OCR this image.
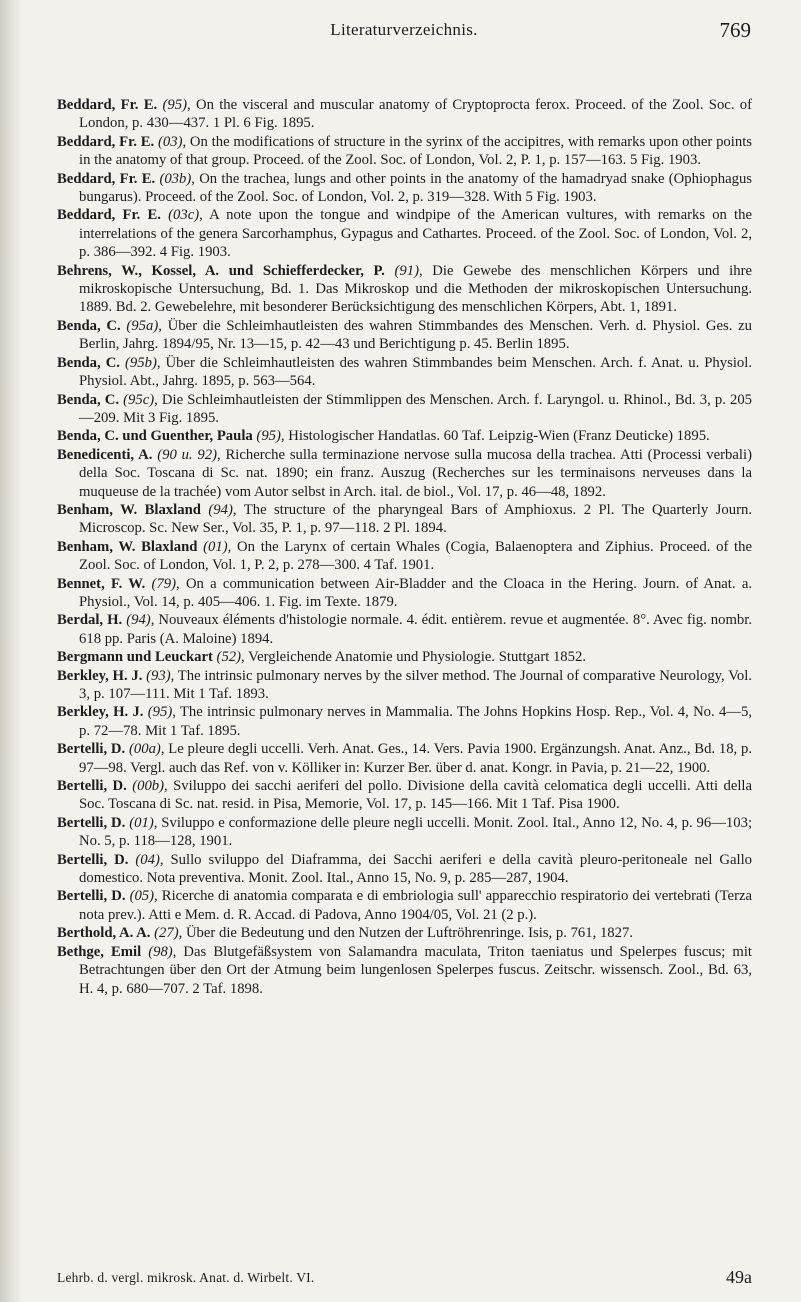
Literaturverzeichnis.	769

Beddard, Fr. E. (95), On the visceral and muscular anatomy of Cryptoprocta ferox. Proceed. of the Zool. Soc. of London, p. 430—437. 1 Pl. 6 Fig. 1895.

Beddard, Fr. E. (03), On the modifications of structure in the syrinx of the accipitres, with remarks upon other points in the anatomy of that group. Proceed. of the Zool. Soc. of London, Vol. 2, P. 1, p. 157—163. 5 Fig. 1903.

Beddard, Fr. E. (03b), On the trachea, lungs and other points in the anatomy of the hamadryad snake (Ophiophagus bungarus). Proceed. of the Zool. Soc. of London, Vol. 2, p. 319—328. With 5 Fig. 1903.

Beddard, Fr. E. (03c), A note upon the tongue and windpipe of the American vultures, with remarks on the interrelations of the genera Sarcorhamphus, Gypagus and Cathartes. Proceed. of the Zool. Soc. of London, Vol. 2, p. 386—392. 4 Fig. 1903.

Behrens, W., Kossel, A. und Schiefferdecker, P. (91), Die Gewebe des menschlichen Körpers und ihre mikroskopische Untersuchung, Bd. 1. Das Mikroskop und die Methoden der mikroskopischen Untersuchung. 1889. Bd. 2. Gewebelehre, mit besonderer Berücksichtigung des menschlichen Körpers, Abt. 1, 1891.

Benda, C. (95a), Über die Schleimhautleisten des wahren Stimmbandes des Menschen. Verh. d. Physiol. Ges. zu Berlin, Jahrg. 1894/95, Nr. 13—15, p. 42—43 und Berichtigung p. 45. Berlin 1895.

Benda, C. (95b), Über die Schleimhautleisten des wahren Stimmbandes beim Menschen. Arch. f. Anat. u. Physiol. Physiol. Abt., Jahrg. 1895, p. 563—564.

Benda, C. (95c), Die Schleimhautleisten der Stimmlippen des Menschen. Arch. f. Laryngol. u. Rhinol., Bd. 3, p. 205—209. Mit 3 Fig. 1895.

Benda, C. und Guenther, Paula (95), Histologischer Handatlas. 60 Taf. Leipzig-Wien (Franz Deuticke) 1895.

Benedicenti, A. (90 u. 92), Richerche sulla terminazione nervose sulla mucosa della trachea. Atti (Processi verbali) della Soc. Toscana di Sc. nat. 1890; ein franz. Auszug (Recherches sur les terminaisons nerveuses dans la muqueuse de la trachée) vom Autor selbst in Arch. ital. de biol., Vol. 17, p. 46—48, 1892.

Benham, W. Blaxland (94), The structure of the pharyngeal Bars of Amphioxus. 2 Pl. The Quarterly Journ. Microscop. Sc. New Ser., Vol. 35, P. 1, p. 97—118. 2 Pl. 1894.

Benham, W. Blaxland (01), On the Larynx of certain Whales (Cogia, Balaenoptera and Ziphius. Proceed. of the Zool. Soc. of London, Vol. 1, P. 2, p. 278—300. 4 Taf. 1901.

Bennet, F. W. (79), On a communication between Air-Bladder and the Cloaca in the Hering. Journ. of Anat. a. Physiol., Vol. 14, p. 405—406. 1. Fig. im Texte. 1879.

Berdal, H. (94), Nouveaux éléments d'histologie normale. 4. édit. entièrem. revue et augmentée. 8°. Avec fig. nombr. 618 pp. Paris (A. Maloine) 1894.

Bergmann und Leuckart (52), Vergleichende Anatomie und Physiologie. Stuttgart 1852.

Berkley, H. J. (93), The intrinsic pulmonary nerves by the silver method. The Journal of comparative Neurology, Vol. 3, p. 107—111. Mit 1 Taf. 1893.

Berkley, H. J. (95), The intrinsic pulmonary nerves in Mammalia. The Johns Hopkins Hosp. Rep., Vol. 4, No. 4—5, p. 72—78. Mit 1 Taf. 1895.

Bertelli, D. (00a), Le pleure degli uccelli. Verh. Anat. Ges., 14. Vers. Pavia 1900. Ergänzungsh. Anat. Anz., Bd. 18, p. 97—98. Vergl. auch das Ref. von v. Kölliker in: Kurzer Ber. über d. anat. Kongr. in Pavia, p. 21—22, 1900.

Bertelli, D. (00b), Sviluppo dei sacchi aeriferi del pollo. Divisione della cavità celomatica degli uccelli. Atti della Soc. Toscana di Sc. nat. resid. in Pisa, Memorie, Vol. 17, p. 145—166. Mit 1 Taf. Pisa 1900.

Bertelli, D. (01), Sviluppo e conformazione delle pleure negli uccelli. Monit. Zool. Ital., Anno 12, No. 4, p. 96—103; No. 5, p. 118—128, 1901.

Bertelli, D. (04), Sullo sviluppo del Diaframma, dei Sacchi aeriferi e della cavità pleuro-peritoneale nel Gallo domestico. Nota preventiva. Monit. Zool. Ital., Anno 15, No. 9, p. 285—287, 1904.

Bertelli, D. (05), Ricerche di anatomia comparata e di embriologia sull' apparecchio respiratorio dei vertebrati (Terza nota prev.). Atti e Mem. d. R. Accad. di Padova, Anno 1904/05, Vol. 21 (2 p.).

Berthold, A. A. (27), Über die Bedeutung und den Nutzen der Luftröhrenringe. Isis, p. 761, 1827.

Bethge, Emil (98), Das Blutgefäßsystem von Salamandra maculata, Triton taeniatus und Spelerpes fuscus; mit Betrachtungen über den Ort der Atmung beim lungenlosen Spelerpes fuscus. Zeitschr. wissensch. Zool., Bd. 63, H. 4, p. 680—707. 2 Taf. 1898.

Lehrb. d. vergl. mikrosk. Anat. d. Wirbelt. VI.	49a
